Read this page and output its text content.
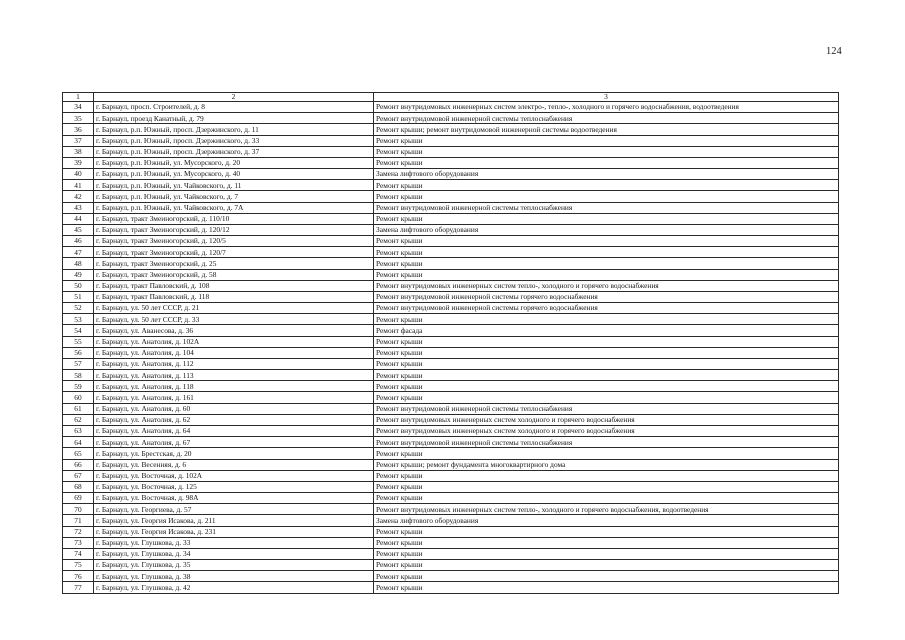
124
1	2	3
34	г. Барнаул, просп. Строителей, д. 8	Ремонт внутридомовых инженерных систем электро-, тепло-, холодного и горячего водоснабжения, водоотведения
35	г. Барнаул, проезд Канатный, д. 79	Ремонт внутридомовой инженерной системы теплоснабжения
36	г. Барнаул, р.п. Южный, просп. Дзержинского, д. 11	Ремонт крыши; ремонт внутридомовой инженерной системы водоотведения
37	г. Барнаул, р.п. Южный, просп. Дзержинского, д. 33	Ремонт крыши
38	г. Барнаул, р.п. Южный, просп. Дзержинского, д. 37	Ремонт крыши
39	г. Барнаул, р.п. Южный, ул. Мусорского, д. 20	Ремонт крыши
40	г. Барнаул, р.п. Южный, ул. Мусорского, д. 40	Замена лифтового оборудования
41	г. Барнаул, р.п. Южный, ул. Чайковского, д. 11	Ремонт крыши
42	г. Барнаул, р.п. Южный, ул. Чайковского, д. 7	Ремонт крыши
43	г. Барнаул, р.п. Южный, ул. Чайковского, д. 7А	Ремонт внутридомовой инженерной системы теплоснабжения
44	г. Барнаул, тракт Змеиногорский, д. 110/10	Ремонт крыши
45	г. Барнаул, тракт Змеиногорский, д. 120/12	Замена лифтового оборудования
46	г. Барнаул, тракт Змеиногорский, д. 120/5	Ремонт крыши
47	г. Барнаул, тракт Змеиногорский, д. 120/7	Ремонт крыши
48	г. Барнаул, тракт Змеиногорский, д. 25	Ремонт крыши
49	г. Барнаул, тракт Змеиногорский, д. 58	Ремонт крыши
50	г. Барнаул, тракт Павловский, д. 108	Ремонт внутридомовых инженерных систем тепло-, холодного и горячего водоснабжения
51	г. Барнаул, тракт Павловский, д. 118	Ремонт внутридомовой инженерной системы горячего водоснабжения
52	г. Барнаул, ул. 50 лет СССР, д. 21	Ремонт внутридомовой инженерной системы горячего водоснабжения
53	г. Барнаул, ул. 50 лет СССР, д. 33	Ремонт крыши
54	г. Барнаул, ул. Аванесова, д. 36	Ремонт фасада
55	г. Барнаул, ул. Анатолия, д. 102А	Ремонт крыши
56	г. Барнаул, ул. Анатолия, д. 104	Ремонт крыши
57	г. Барнаул, ул. Анатолия, д. 112	Ремонт крыши
58	г. Барнаул, ул. Анатолия, д. 113	Ремонт крыши
59	г. Барнаул, ул. Анатолия, д. 118	Ремонт крыши
60	г. Барнаул, ул. Анатолия, д. 161	Ремонт крыши
61	г. Барнаул, ул. Анатолия, д. 60	Ремонт внутридомовой инженерной системы теплоснабжения
62	г. Барнаул, ул. Анатолия, д. 62	Ремонт внутридомовых инженерных систем холодного и горячего водоснабжения
63	г. Барнаул, ул. Анатолия, д. 64	Ремонт внутридомовых инженерных систем холодного и горячего водоснабжения
64	г. Барнаул, ул. Анатолия, д. 67	Ремонт внутридомовой инженерной системы теплоснабжения
65	г. Барнаул, ул. Брестская, д. 20	Ремонт крыши
66	г. Барнаул, ул. Весенняя, д. 6	Ремонт крыши; ремонт фундамента многоквартирного дома
67	г. Барнаул, ул. Восточная, д. 102А	Ремонт крыши
68	г. Барнаул, ул. Восточная, д. 125	Ремонт крыши
69	г. Барнаул, ул. Восточная, д. 98А	Ремонт крыши
70	г. Барнаул, ул. Георгиева, д. 57	Ремонт внутридомовых инженерных систем тепло-, холодного и горячего водоснабжения, водоотведения
71	г. Барнаул, ул. Георгия Исакова, д. 211	Замена лифтового оборудования
72	г. Барнаул, ул. Георгия Исакова, д. 231	Ремонт крыши
73	г. Барнаул, ул. Глушкова, д. 33	Ремонт крыши
74	г. Барнаул, ул. Глушкова, д. 34	Ремонт крыши
75	г. Барнаул, ул. Глушкова, д. 35	Ремонт крыши
76	г. Барнаул, ул. Глушкова, д. 38	Ремонт крыши
77	г. Барнаул, ул. Глушкова, д. 42	Ремонт крыши
